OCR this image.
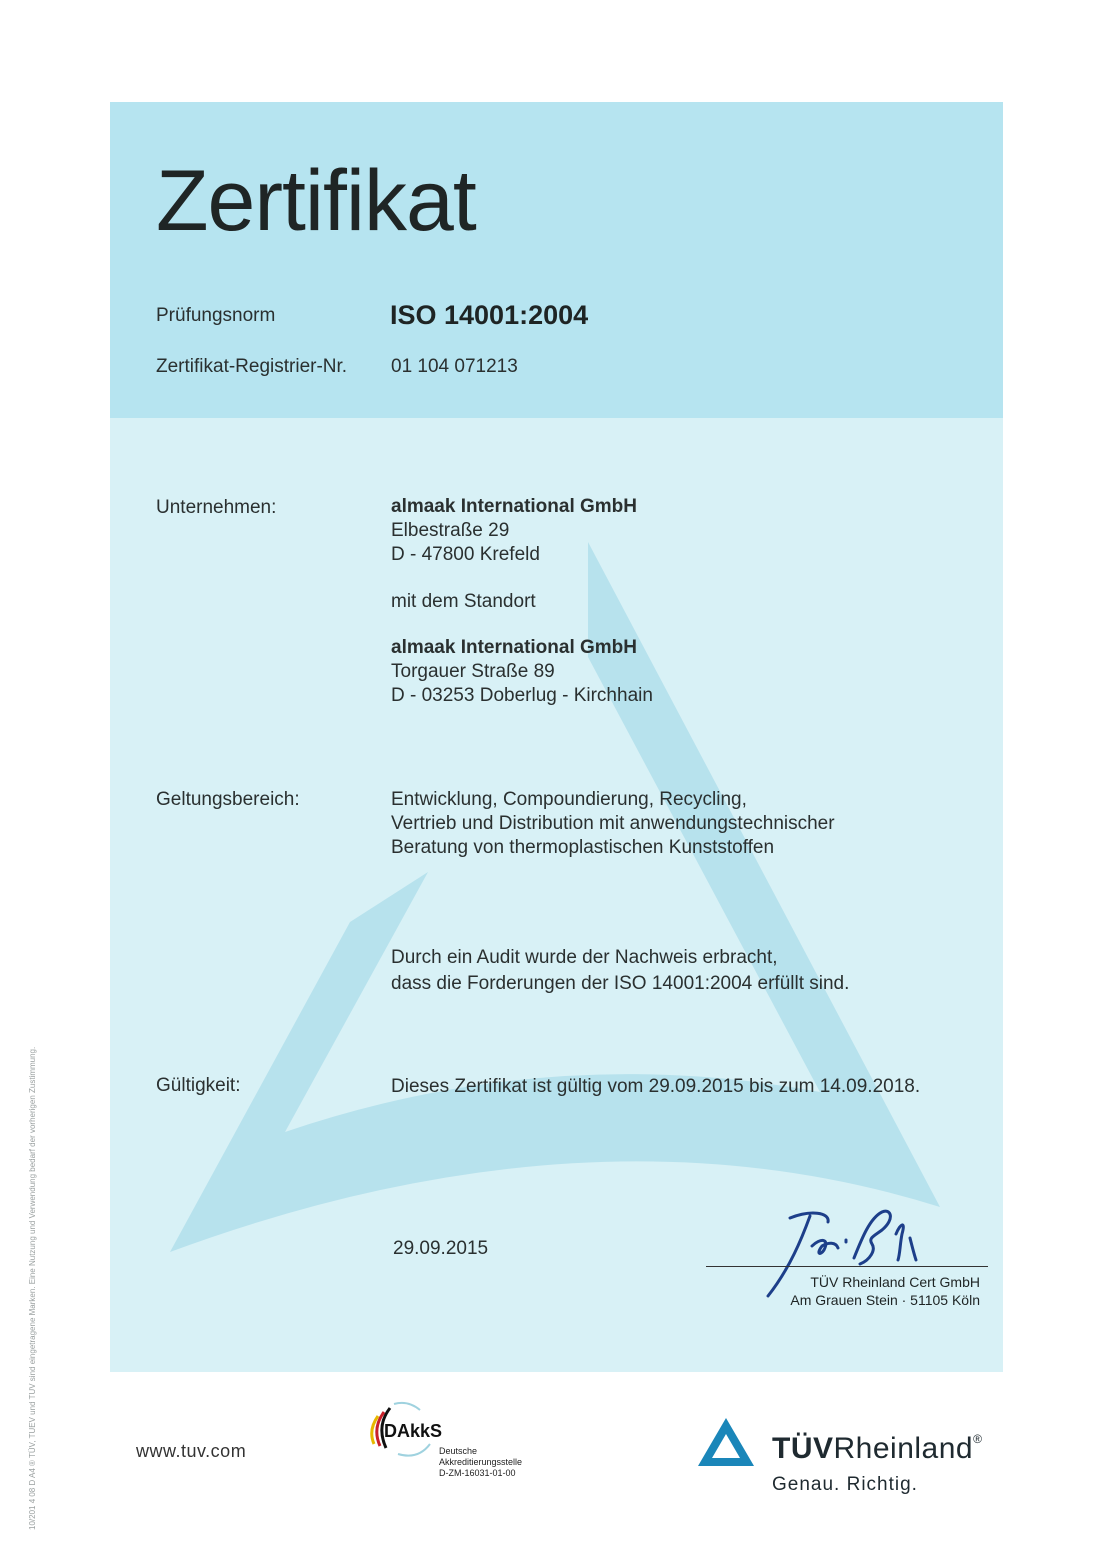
Zertifikat
Prüfungsnorm	ISO 14001:2004
Zertifikat-Registrier-Nr. 01 104 071213
Unternehmen:	almaak International GmbH
Elbestraße 29
D - 47800 Krefeld
mit dem Standort
almaak International GmbH
Torgauer Straße 89
D - 03253 Doberlug - Kirchhain
Geltungsbereich:	Entwicklung, Compoundierung, Recycling,
Vertrieb und Distribution mit anwendungstechnischer
Beratung von thermoplastischen Kunststoffen
Durch ein Audit wurde der Nachweis erbracht,
dass die Forderungen der ISO 14001:2004 erfüllt sind.
Gültigkeit:	Dieses Zertifikat ist gültig vom 29.09.2015 bis zum 14.09.2018.
29.09.2015
TÜV Rheinland Cert GmbH
Am Grauen Stein · 51105 Köln
www.tuv.com
DAkkS
Deutsche
Akkreditierungsstelle
D-ZM-16031-01-00
TÜVRheinland®
Genau. Richtig.
10/201 4 08 D A4 ® TÜV, TUEV und TUV sind eingetragene Marken. Eine Nutzung und Verwendung bedarf der vorherigen Zustimmung.
